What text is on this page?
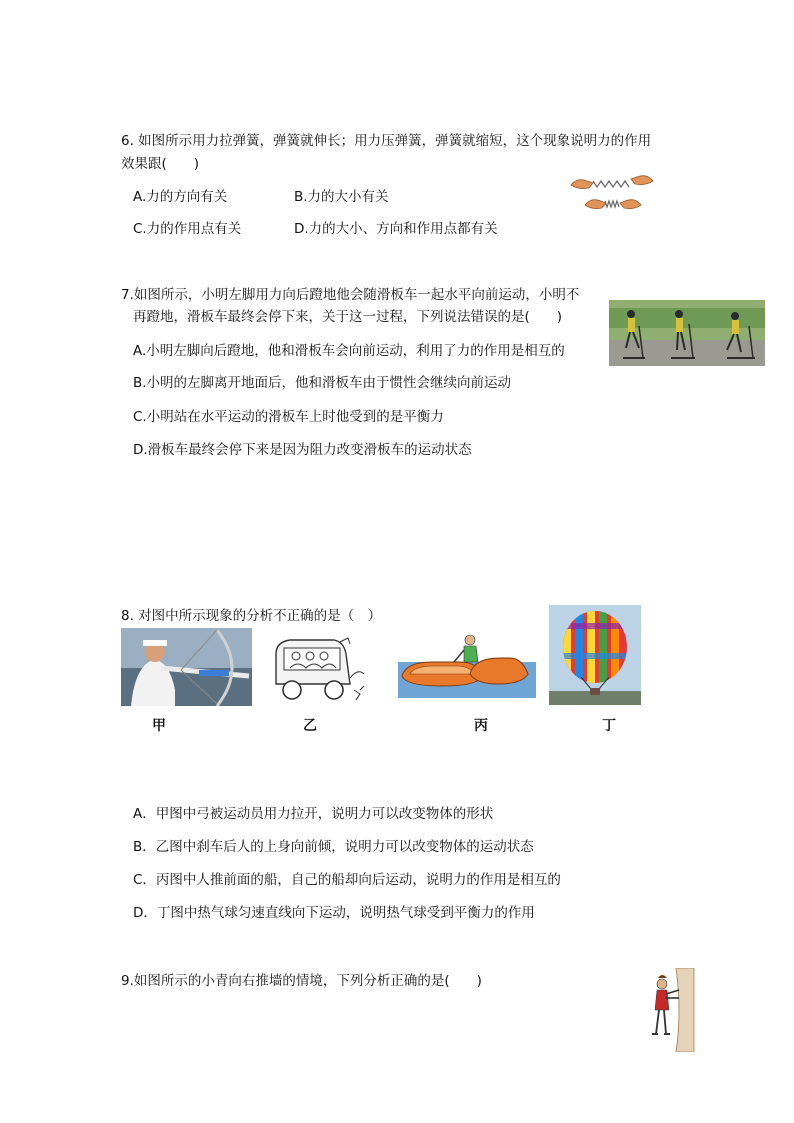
6. 如图所示用力拉弹簧，弹簧就伸长；用力压弹簧，弹簧就缩短，这个现象说明力的作用
效果跟(　　)
A.力的方向有关	B.力的大小有关
C.力的作用点有关	D.力的大小、方向和作用点都有关
7.如图所示，小明左脚用力向后蹬地他会随滑板车一起水平向前运动，小明不
再蹬地，滑板车最终会停下来，关于这一过程，下列说法错误的是(　　)
A.小明左脚向后蹬地，他和滑板车会向前运动，利用了力的作用是相互的
B.小明的左脚离开地面后，他和滑板车由于惯性会继续向前运动
C.小明站在水平运动的滑板车上时他受到的是平衡力
D.滑板车最终会停下来是因为阻力改变滑板车的运动状态
8. 对图中所示现象的分析不正确的是（　）
甲	乙	丙	丁
A．甲图中弓被运动员用力拉开，说明力可以改变物体的形状
B．乙图中刹车后人的上身向前倾，说明力可以改变物体的运动状态
C．丙图中人推前面的船，自己的船却向后运动，说明力的作用是相互的
D．丁图中热气球匀速直线向下运动，说明热气球受到平衡力的作用
9.如图所示的小青向右推墙的情境，下列分析正确的是(　　)
